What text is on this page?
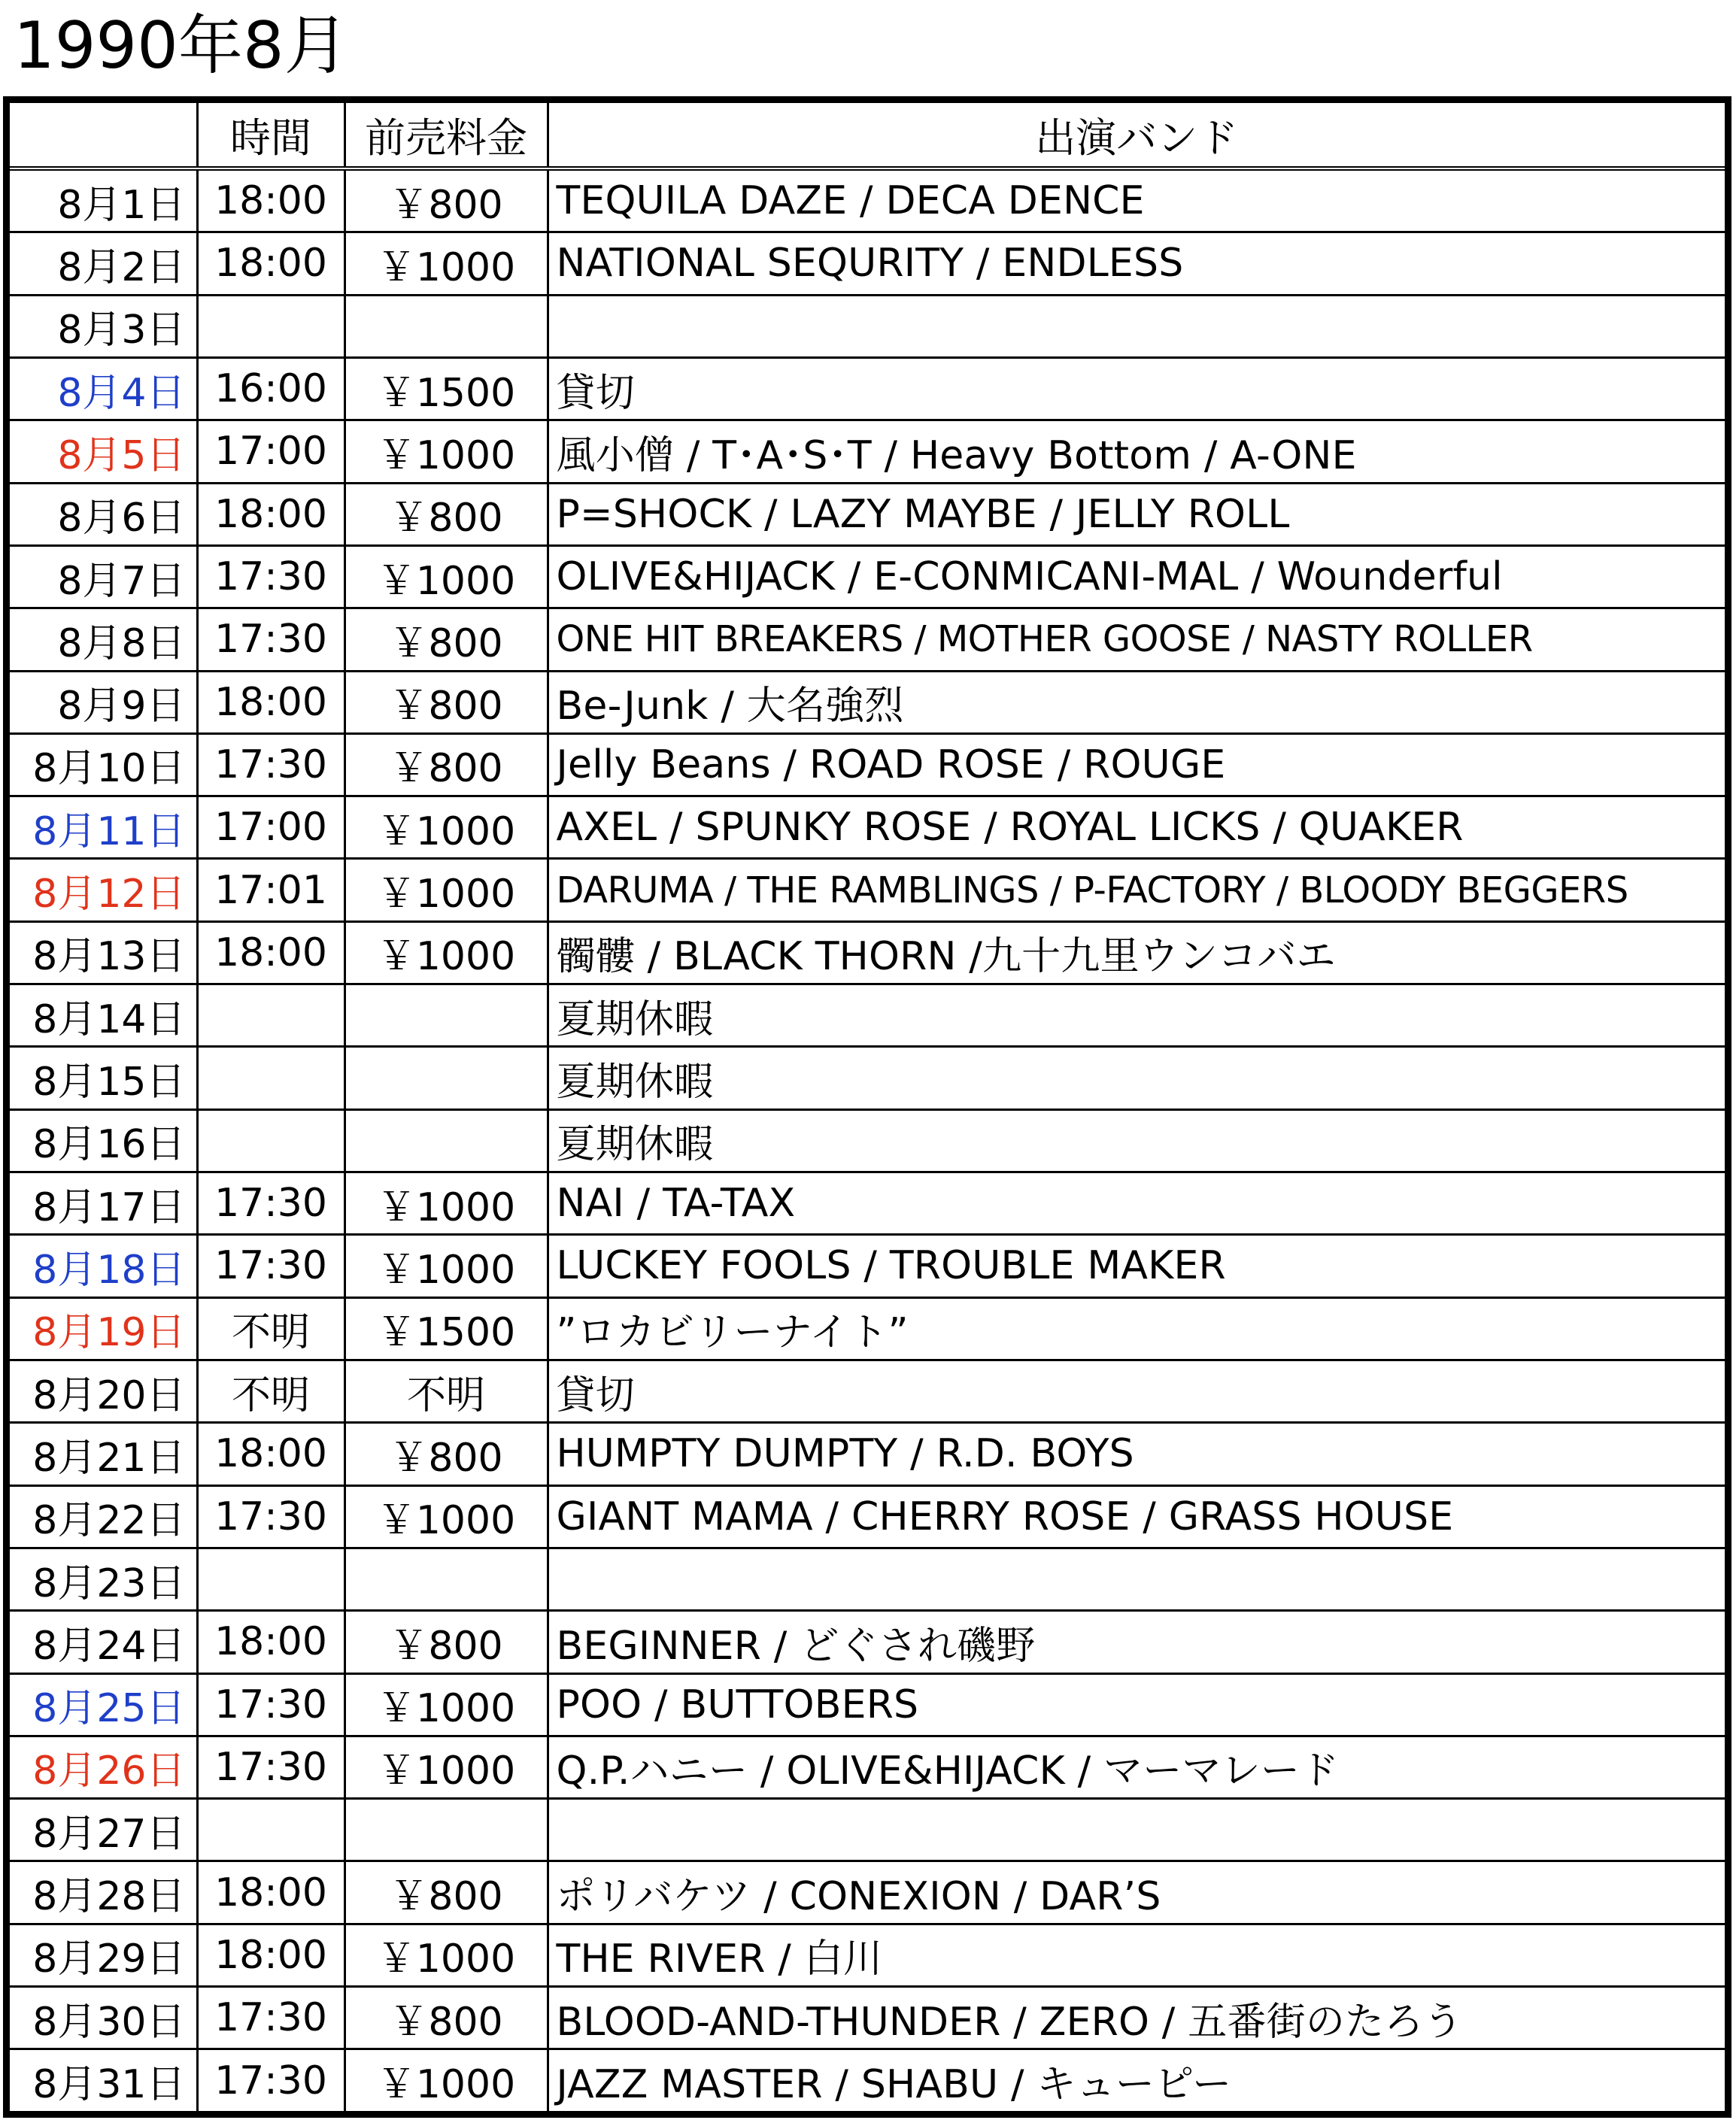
1990年8月
	時間	前売料金	出演バンド
8月1日	18:00	￥800	TEQUILA DAZE / DECA DENCE
8月2日	18:00	￥1000	NATIONAL SEQURITY / ENDLESS
8月3日			
8月4日	16:00	￥1500	貸切
8月5日	17:00	￥1000	風小僧 / T･A･S･T / Heavy Bottom / A-ONE
8月6日	18:00	￥800	P=SHOCK / LAZY MAYBE / JELLY ROLL
8月7日	17:30	￥1000	OLIVE&HIJACK / E-CONMICANI-MAL / Wounderful
8月8日	17:30	￥800	ONE HIT BREAKERS / MOTHER GOOSE / NASTY ROLLER
8月9日	18:00	￥800	Be-Junk / 大名強烈
8月10日	17:30	￥800	Jelly Beans / ROAD ROSE / ROUGE
8月11日	17:00	￥1000	AXEL / SPUNKY ROSE / ROYAL LICKS / QUAKER
8月12日	17:01	￥1000	DARUMA / THE RAMBLINGS / P-FACTORY / BLOODY BEGGERS
8月13日	18:00	￥1000	髑髏 / BLACK THORN /九十九里ウンコバエ
8月14日			夏期休暇
8月15日			夏期休暇
8月16日			夏期休暇
8月17日	17:30	￥1000	NAI / TA-TAX
8月18日	17:30	￥1000	LUCKEY FOOLS / TROUBLE MAKER
8月19日	不明	￥1500	”ロカビリーナイト”
8月20日	不明	不明	貸切
8月21日	18:00	￥800	HUMPTY DUMPTY / R.D. BOYS
8月22日	17:30	￥1000	GIANT MAMA / CHERRY ROSE / GRASS HOUSE
8月23日			
8月24日	18:00	￥800	BEGINNER / どぐされ磯野
8月25日	17:30	￥1000	POO / BUTTOBERS
8月26日	17:30	￥1000	Q.P.ハニー / OLIVE&HIJACK / マーマレード
8月27日			
8月28日	18:00	￥800	ポリバケツ / CONEXION / DAR’S
8月29日	18:00	￥1000	THE RIVER / 白川
8月30日	17:30	￥800	BLOOD-AND-THUNDER / ZERO / 五番街のたろう
8月31日	17:30	￥1000	JAZZ MASTER / SHABU / キューピー
